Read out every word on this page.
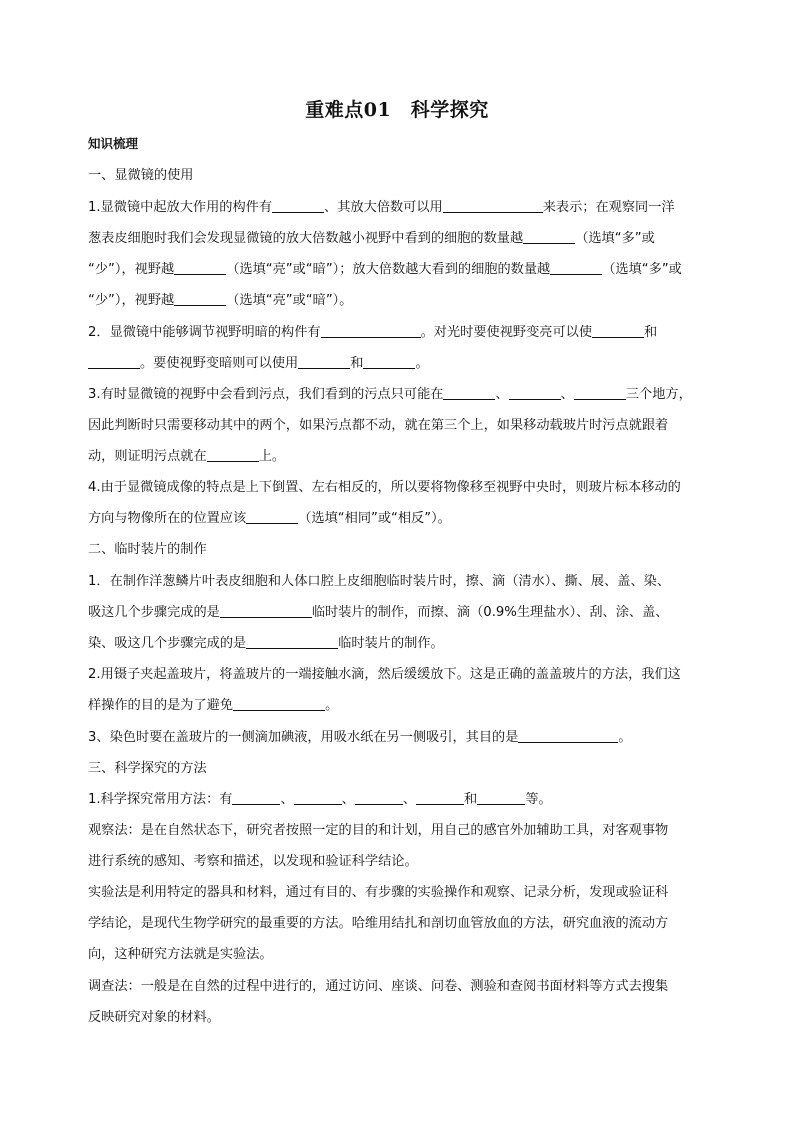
重难点01　科学探究
知识梳理
一、显微镜的使用
1.显微镜中起放大作用的构件有	、其放大倍数可以用	来表示；在观察同一洋
葱表皮细胞时我们会发现显微镜的放大倍数越小视野中看到的细胞的数量越	（选填“多”或
“少”），视野越	（选填“亮”或“暗”）；放大倍数越大看到的细胞的数量越	（选填“多”或
“少”），视野越	（选填“亮”或“暗”）。
2．显微镜中能够调节视野明暗的构件有	。对光时要使视野变亮可以使	和
。要使视野变暗则可以使用	和	。
3.有时显微镜的视野中会看到污点，我们看到的污点只可能在	、	、	三个地方，
因此判断时只需要移动其中的两个，如果污点都不动，就在第三个上，如果移动载玻片时污点就跟着
动，则证明污点就在	上。
4.由于显微镜成像的特点是上下倒置、左右相反的，所以要将物像移至视野中央时，则玻片标本移动的
方向与物像所在的位置应该	（选填“相同”或“相反”）。
二、临时装片的制作
1．在制作洋葱鳞片叶表皮细胞和人体口腔上皮细胞临时装片时，擦、滴（清水）、撕、展、盖、染、
吸这几个步骤完成的是	临时装片的制作，而擦、滴（0.9%生理盐水）、刮、涂、盖、
染、吸这几个步骤完成的是	临时装片的制作。
2.用镊子夹起盖玻片，将盖玻片的一端接触水滴，然后缓缓放下。这是正确的盖盖玻片的方法，我们这
样操作的目的是为了避免	。
3、染色时要在盖玻片的一侧滴加碘液，用吸水纸在另一侧吸引，其目的是	。
三、科学探究的方法
1.科学探究常用方法：有	、	、	、	和	等。
观察法：是在自然状态下，研究者按照一定的目的和计划，用自己的感官外加辅助工具，对客观事物
进行系统的感知、考察和描述，以发现和验证科学结论。
实验法是利用特定的器具和材料，通过有目的、有步骤的实验操作和观察、记录分析，发现或验证科
学结论，是现代生物学研究的最重要的方法。哈维用结扎和剖切血管放血的方法，研究血液的流动方
向，这种研究方法就是实验法。
调查法：一般是在自然的过程中进行的，通过访问、座谈、问卷、测验和查阅书面材料等方式去搜集
反映研究对象的材料。
